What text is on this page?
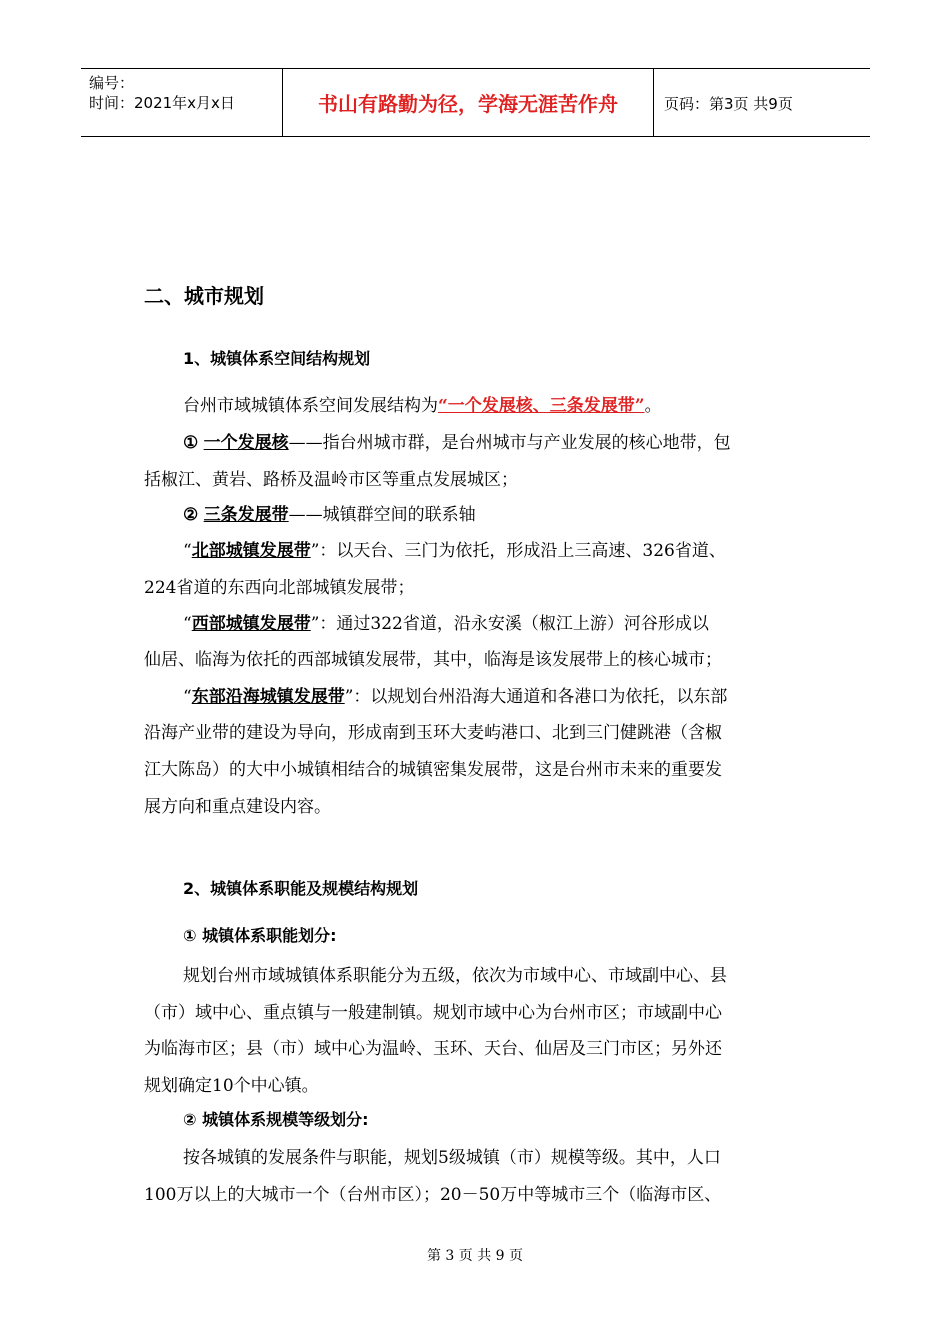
编号：
时间：2021年x月x日	书山有路勤为径，学海无涯苦作舟	页码：第3页 共9页
二、城市规划
1、城镇体系空间结构规划
台州市域城镇体系空间发展结构为“一个发展核、三条发展带”。
① 一个发展核——指台州城市群，是台州城市与产业发展的核心地带，包
括椒江、黄岩、路桥及温岭市区等重点发展城区；
② 三条发展带——城镇群空间的联系轴
“北部城镇发展带”：以天台、三门为依托，形成沿上三高速、326省道、
224省道的东西向北部城镇发展带；
“西部城镇发展带”：通过322省道，沿永安溪（椒江上游）河谷形成以
仙居、临海为依托的西部城镇发展带，其中，临海是该发展带上的核心城市；
“东部沿海城镇发展带”：以规划台州沿海大通道和各港口为依托，以东部
沿海产业带的建设为导向，形成南到玉环大麦屿港口、北到三门健跳港（含椒
江大陈岛）的大中小城镇相结合的城镇密集发展带，这是台州市未来的重要发
展方向和重点建设内容。
2、城镇体系职能及规模结构规划
① 城镇体系职能划分:
规划台州市域城镇体系职能分为五级，依次为市域中心、市域副中心、县
（市）域中心、重点镇与一般建制镇。规划市域中心为台州市区；市域副中心
为临海市区；县（市）域中心为温岭、玉环、天台、仙居及三门市区；另外还
规划确定10个中心镇。
② 城镇体系规模等级划分:
按各城镇的发展条件与职能，规划5级城镇（市）规模等级。其中，人口
100万以上的大城市一个（台州市区）；20－50万中等城市三个（临海市区、
第 3 页 共 9 页
